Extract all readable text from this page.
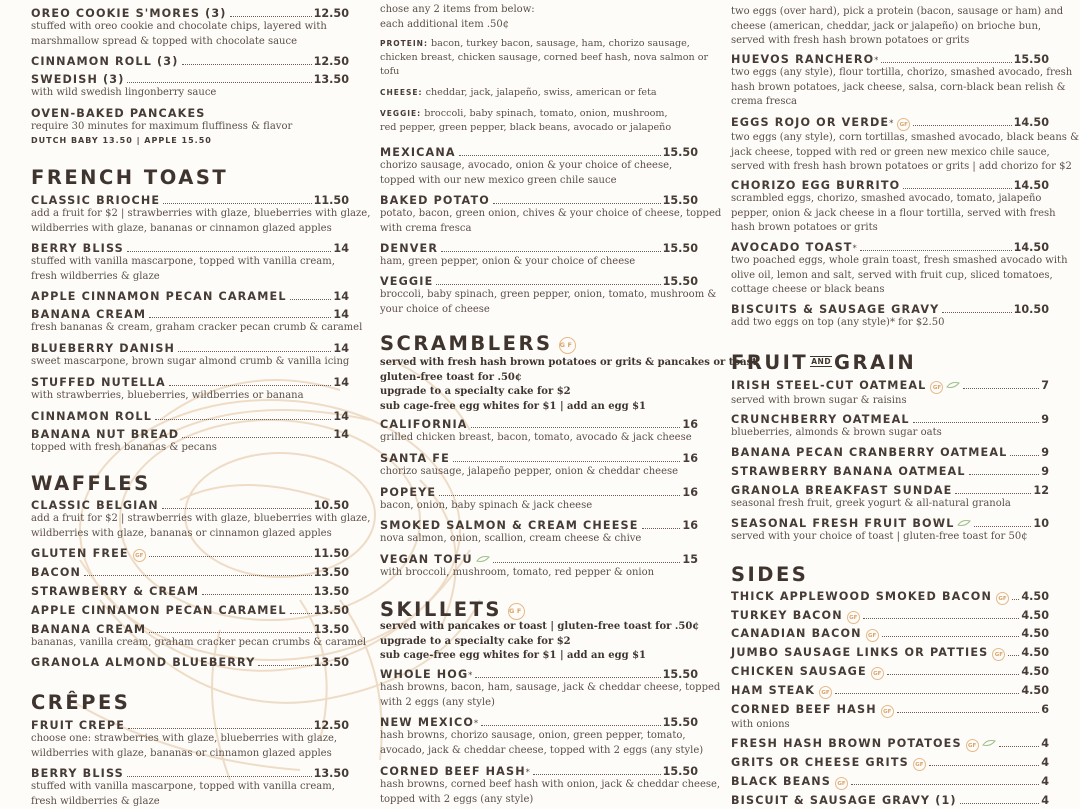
OREO COOKIE S'MORES (3)	12.50
stuffed with oreo cookie and chocolate chips, layered with
marshmallow spread & topped with chocolate sauce
CINNAMON ROLL (3)	12.50
SWEDISH (3)	13.50
with wild swedish lingonberry sauce
OVEN-BAKED PANCAKES
require 30 minutes for maximum fluffiness & flavor
DUTCH BABY 13.50 | APPLE 15.50
FRENCH TOAST
CLASSIC BRIOCHE	11.50
add a fruit for $2 | strawberries with glaze, blueberries with glaze,
wildberries with glaze, bananas or cinnamon glazed apples
BERRY BLISS	14
stuffed with vanilla mascarpone, topped with vanilla cream,
fresh wildberries & glaze
APPLE CINNAMON PECAN CARAMEL	14
BANANA CREAM	14
fresh bananas & cream, graham cracker pecan crumb & caramel
BLUEBERRY DANISH	14
sweet mascarpone, brown sugar almond crumb & vanilla icing
STUFFED NUTELLA	14
with strawberries, blueberries, wildberries or banana
CINNAMON ROLL	14
BANANA NUT BREAD	14
topped with fresh bananas & pecans
WAFFLES
CLASSIC BELGIAN	10.50
add a fruit for $2 | strawberries with glaze, blueberries with glaze,
wildberries with glaze, bananas or cinnamon glazed apples
GLUTEN FREE	GF	11.50
BACON	13.50
STRAWBERRY & CREAM	13.50
APPLE CINNAMON PECAN CARAMEL 13.50
BANANA CREAM	13.50
bananas, vanilla cream, graham cracker pecan crumbs & caramel
GRANOLA ALMOND BLUEBERRY	13.50
CRÊPES
FRUIT CREPE	12.50
choose one: strawberries with glaze, blueberries with glaze,
wildberries with glaze, bananas or cinnamon glazed apples
BERRY BLISS	13.50
stuffed with vanilla mascarpone, topped with vanilla cream,
fresh wildberries & glaze
chose any 2 items from below:
each additional item .50¢
PROTEIN: bacon, turkey bacon, sausage, ham, chorizo sausage,
chicken breast, chicken sausage, corned beef hash, nova salmon or
tofu
CHEESE: cheddar, jack, jalapeño, swiss, american or feta
VEGGIE: broccoli, baby spinach, tomato, onion, mushroom,
red pepper, green pepper, black beans, avocado or jalapeño
MEXICANA	15.50
chorizo sausage, avocado, onion & your choice of cheese,
topped with our new mexico green chile sauce
BAKED POTATO	15.50
potato, bacon, green onion, chives & your choice of cheese, topped
with crema fresca
DENVER	15.50
ham, green pepper, onion & your choice of cheese
VEGGIE	15.50
broccoli, baby spinach, green pepper, onion, tomato, mushroom &
your choice of cheese
SCRAMBLERS GF
served with fresh hash brown potatoes or grits & pancakes or toast
gluten-free toast for .50¢
upgrade to a specialty cake for $2
sub cage-free egg whites for $1 | add an egg $1
CALIFORNIA	16
grilled chicken breast, bacon, tomato, avocado & jack cheese
SANTA FE	16
chorizo sausage, jalapeño pepper, onion & cheddar cheese
POPEYE	16
bacon, onion, baby spinach & jack cheese
SMOKED SALMON & CREAM CHEESE	16
nova salmon, onion, scallion, cream cheese & chive
VEGAN TOFU	15
with broccoli, mushroom, tomato, red pepper & onion
SKILLETS GF
served with pancakes or toast | gluten-free toast for .50¢
upgrade to a specialty cake for $2
sub cage-free egg whites for $1 | add an egg $1
WHOLE HOG *	15.50
hash browns, bacon, ham, sausage, jack & cheddar cheese, topped
with 2 eggs (any style)
NEW MEXICO *	15.50
hash browns, chorizo sausage, onion, green pepper, tomato,
avocado, jack & cheddar cheese, topped with 2 eggs (any style)
CORNED BEEF HASH *	15.50
hash browns, corned beef hash with onion, jack & cheddar cheese,
topped with 2 eggs (any style)
two eggs (over hard), pick a protein (bacon, sausage or ham) and
cheese (american, cheddar, jack or jalapeño) on brioche bun,
served with fresh hash brown potatoes or grits
HUEVOS RANCHERO *	15.50
two eggs (any style), flour tortilla, chorizo, smashed avocado, fresh
hash brown potatoes, jack cheese, salsa, corn-black bean relish &
crema fresca
EGGS ROJO OR VERDE *	GF	14.50
two eggs (any style), corn tortillas, smashed avocado, black beans &
jack cheese, topped with red or green new mexico chile sauce,
served with fresh hash brown potatoes or grits | add chorizo for $2
CHORIZO EGG BURRITO	14.50
scrambled eggs, chorizo, smashed avocado, tomato, jalapeño
pepper, onion & jack cheese in a flour tortilla, served with fresh
hash brown potatoes or grits
AVOCADO TOAST *	14.50
two poached eggs, whole grain toast, fresh smashed avocado with
olive oil, lemon and salt, served with fruit cup, sliced tomatoes,
cottage cheese or black beans
BISCUITS & SAUSAGE GRAVY	10.50
add two eggs on top (any style)* for $2.50
FRUIT $^{AND}$ GRAIN
IRISH STEEL-CUT OATMEAL	GF	7
served with brown sugar & raisins
CRUNCHBERRY OATMEAL	9
blueberries, almonds & brown sugar oats
BANANA PECAN CRANBERRY OATMEAL	9
STRAWBERRY BANANA OATMEAL	9
GRANOLA BREAKFAST SUNDAE	12
seasonal fresh fruit, greek yogurt & all-natural granola
SEASONAL FRESH FRUIT BOWL	10
served with your choice of toast | gluten-free toast for 50¢
SIDES
THICK APPLEWOOD SMOKED BACON	GF 4.50
TURKEY BACON	GF	4.50
CANADIAN BACON	GF	4.50
JUMBO SAUSAGE LINKS OR PATTIES	GF 4.50
CHICKEN SAUSAGE	GF	4.50
HAM STEAK	GF	4.50
CORNED BEEF HASH	GF	6
with onions
FRESH HASH BROWN POTATOES	GF	4
GRITS OR CHEESE GRITS	GF	4
BLACK BEANS	GF	4
BISCUIT & SAUSAGE GRAVY (1)	4
